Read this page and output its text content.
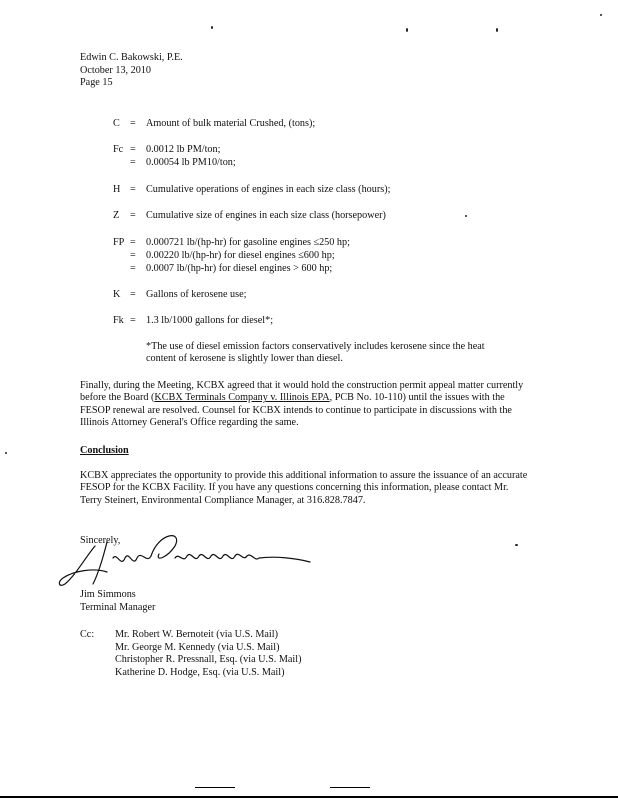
Edwin C. Bakowski, P.E.
October 13, 2010
Page 15
C	=	Amount of bulk material Crushed, (tons);
Fc =	0.0012 lb PM/ton;
=	0.00054 lb PM10/ton;
H =	Cumulative operations of engines in each size class (hours);
Z	=	Cumulative size of engines in each size class (horsepower)
FP =	0.000721 lb/(hp-hr) for gasoline engines ≤250 hp;
=	0.00220 lb/(hp-hr) for diesel engines ≤600 hp;
=	0.0007 lb/(hp-hr) for diesel engines > 600 hp;
K =	Gallons of kerosene use;
Fk =	1.3 lb/1000 gallons for diesel*;
*The use of diesel emission factors conservatively includes kerosene since the heat content of kerosene is slightly lower than diesel.

Finally, during the Meeting, KCBX agreed that it would hold the construction permit appeal matter currently before the Board (KCBX Terminals Company v. Illinois EPA, PCB No. 10-110) until the issues with the FESOP renewal are resolved. Counsel for KCBX intends to continue to participate in discussions with the Illinois Attorney General's Office regarding the same.

Conclusion
KCBX appreciates the opportunity to provide this additional information to assure the issuance of an accurate FESOP for the KCBX Facility. If you have any questions concerning this information, please contact Mr. Terry Steinert, Environmental Compliance Manager, at 316.828.7847.
Sincerely,
Jim Simmons
Terminal Manager
Cc: Mr. Robert W. Bernoteit (via U.S. Mail)
Mr. George M. Kennedy (via U.S. Mail)
Christopher R. Pressnall, Esq. (via U.S. Mail)
Katherine D. Hodge, Esq. (via U.S. Mail)
